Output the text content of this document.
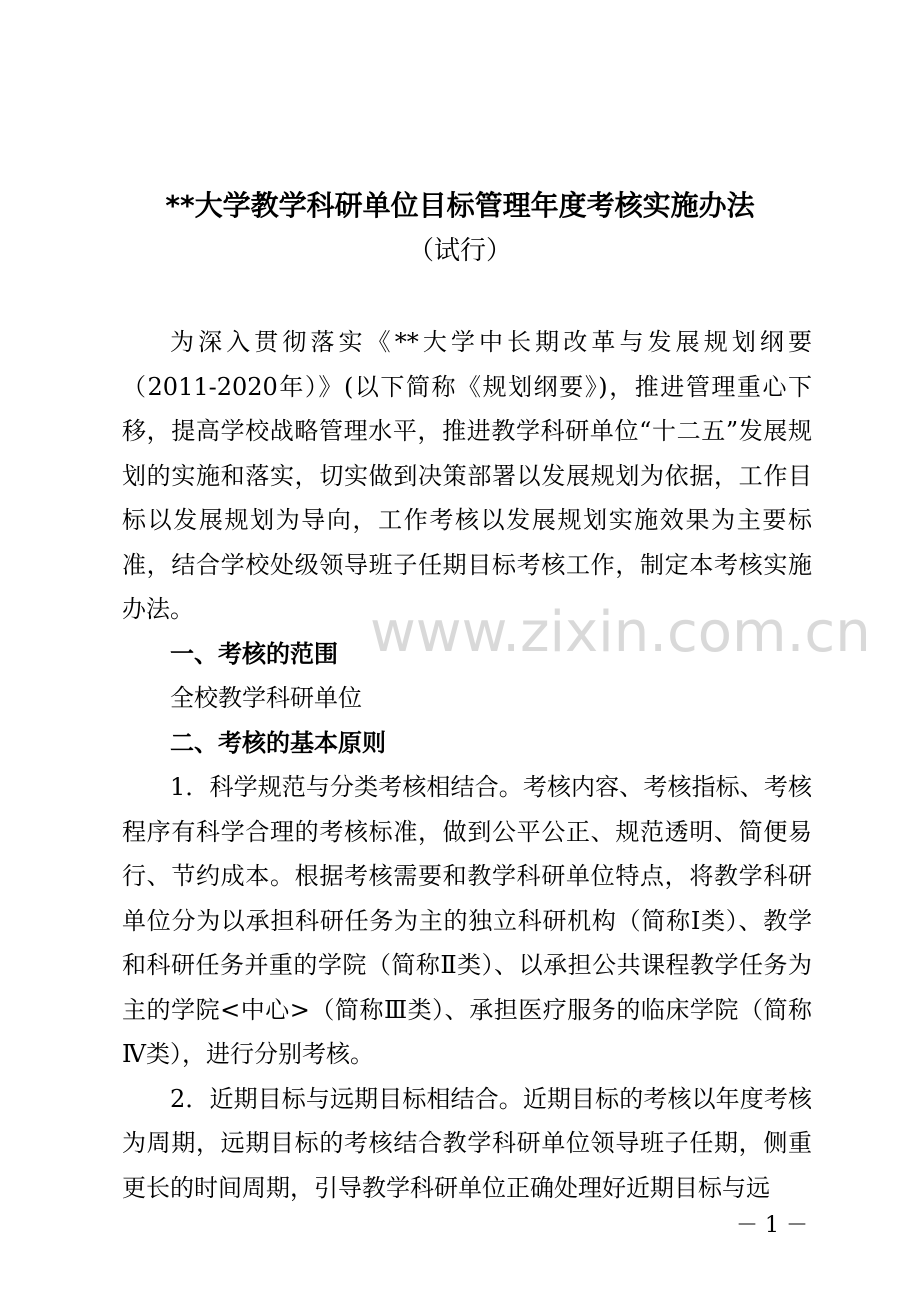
**大学教学科研单位目标管理年度考核实施办法
（试行）

为深入贯彻落实《**大学中长期改革与发展规划纲要（2011-2020年）》(以下简称《规划纲要》)，推进管理重心下移，提高学校战略管理水平，推进教学科研单位“十二五”发展规划的实施和落实，切实做到决策部署以发展规划为依据，工作目标以发展规划为导向，工作考核以发展规划实施效果为主要标准，结合学校处级领导班子任期目标考核工作，制定本考核实施办法。

一、考核的范围

全校教学科研单位

二、考核的基本原则

1．科学规范与分类考核相结合。考核内容、考核指标、考核程序有科学合理的考核标准，做到公平公正、规范透明、简便易行、节约成本。根据考核需要和教学科研单位特点，将教学科研单位分为以承担科研任务为主的独立科研机构（简称Ⅰ类）、教学和科研任务并重的学院（简称Ⅱ类）、以承担公共课程教学任务为主的学院<中心>（简称Ⅲ类）、承担医疗服务的临床学院（简称Ⅳ类），进行分别考核。

2．近期目标与远期目标相结合。近期目标的考核以年度考核为周期，远期目标的考核结合教学科研单位领导班子任期，侧重更长的时间周期，引导教学科研单位正确处理好近期目标与远

www.zixin.com.cn
－ 1 －
